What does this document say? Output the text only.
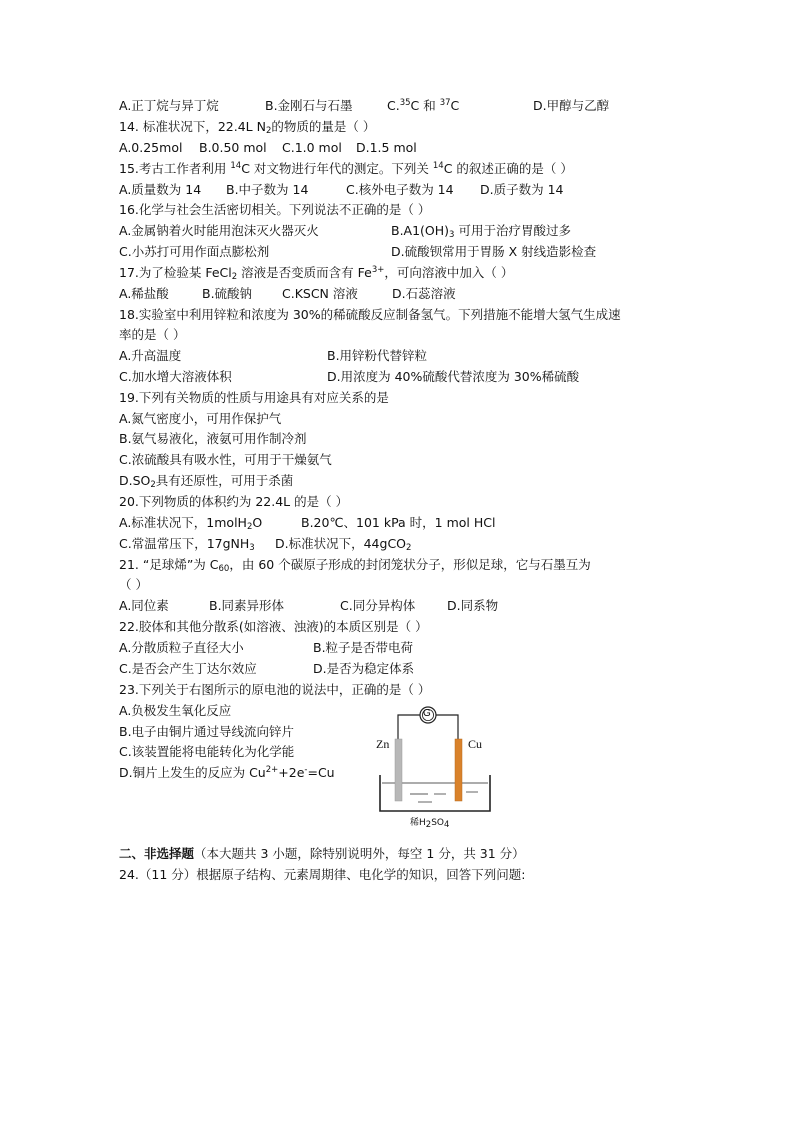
A.正丁烷与异丁烷	B.金刚石与石墨	C.$^{35}$C 和 $^{37}$C	D.甲醇与乙醇
14. 标准状况下，22.4L $N_2$的物质的量是（ ）
A.0.25mol B.0.50 mol C.1.0 mol D.1.5 mol
15.考古工作者利用 $^{14}$C 对文物进行年代的测定。下列关 $^{14}$C 的叙述正确的是（ ）
A.质量数为 14 B.中子数为 14	C.核外电子数为 14 D.质子数为 14
16.化学与社会生活密切相关。下列说法不正确的是（ ）
A.金属钠着火时能用泡沫灭火器灭火	$B.A1(OH)_3$ 可用于治疗胃酸过多
C.小苏打可用作面点膨松剂	D.硫酸钡常用于胃肠 X 射线造影检查
17.为了检验某 FeCl$_2$ 溶液是否变质而含有 $Fe^{3+}$，可向溶液中加入（ ）
A.稀盐酸	B.硫酸钠 C.KSCN 溶液	D.石蕊溶液
18.实验室中利用锌粒和浓度为 30%的稀硫酸反应制备氢气。下列措施不能增大氢气生成速
率的是（ ）
A.升高温度	B.用锌粉代替锌粒
C.加水增大溶液体积	D.用浓度为 40%硫酸代替浓度为 30%稀硫酸
19.下列有关物质的性质与用途具有对应关系的是
A.氮气密度小，可用作保护气
B.氨气易液化，液氨可用作制冷剂
C.浓硫酸具有吸水性，可用于干燥氨气
$D.SO_2$具有还原性，可用于杀菌
20.下列物质的体积约为 22.4L 的是（ ）
A.标准状况下，1molH$_2$O	B.20℃、101 kPa 时，1 mol HCl
C.常温常压下，17gNH$_3$ D.标准状况下，44gCO$_2$
21. “足球烯”为 $C_{60}$，由 60 个碳原子形成的封闭笼状分子，形似足球，它与石墨互为
（ ）
A.同位素	B.同素异形体	C.同分异构体	D.同系物
22.胶体和其他分散系(如溶液、浊液)的本质区别是（ ）
A.分散质粒子直径大小	B.粒子是否带电荷
C.是否会产生丁达尔效应	D.是否为稳定体系
23.下列关于右图所示的原电池的说法中，正确的是（ ）
A.负极发生氧化反应
B.电子由铜片通过导线流向锌片
C.该装置能将电能转化为化学能
D.铜片上发生的反应为 $Cu^{2+}+2e^-=Cu$
Zn	Cu
G
稀$H_2SO_4$
二、非选择题（本大题共 3 小题，除特别说明外，每空 1 分，共 31 分）
24.（11 分）根据原子结构、元素周期律、电化学的知识，回答下列问题:
